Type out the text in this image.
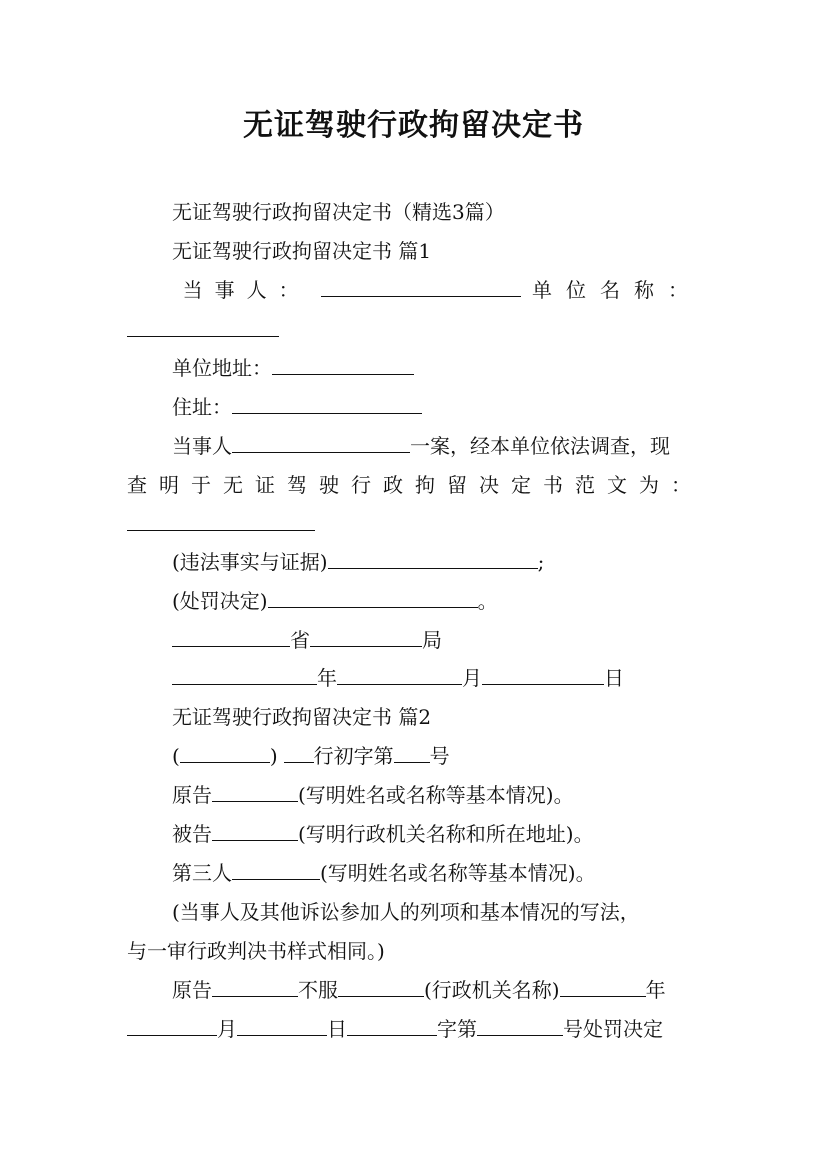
无证驾驶行政拘留决定书
无证驾驶行政拘留决定书（精选3篇）
无证驾驶行政拘留决定书 篇1
当事人：	单位名称：
单位地址：
住址：
当事人	一案，经本单位依法调查，现
查明于无证驾驶行政拘留决定书范文为：
(违法事实与证据)	;
(处罚决定)	。
省	局
年	月	日
无证驾驶行政拘留决定书 篇2
(	) 行初字第 号
原告	(写明姓名或名称等基本情况)。
被告	(写明行政机关名称和所在地址)。
第三人	(写明姓名或名称等基本情况)。
(当事人及其他诉讼参加人的列项和基本情况的写法，
与一审行政判决书样式相同。)
原告	不服	(行政机关名称)	年
月	日	字第	号处罚决定
